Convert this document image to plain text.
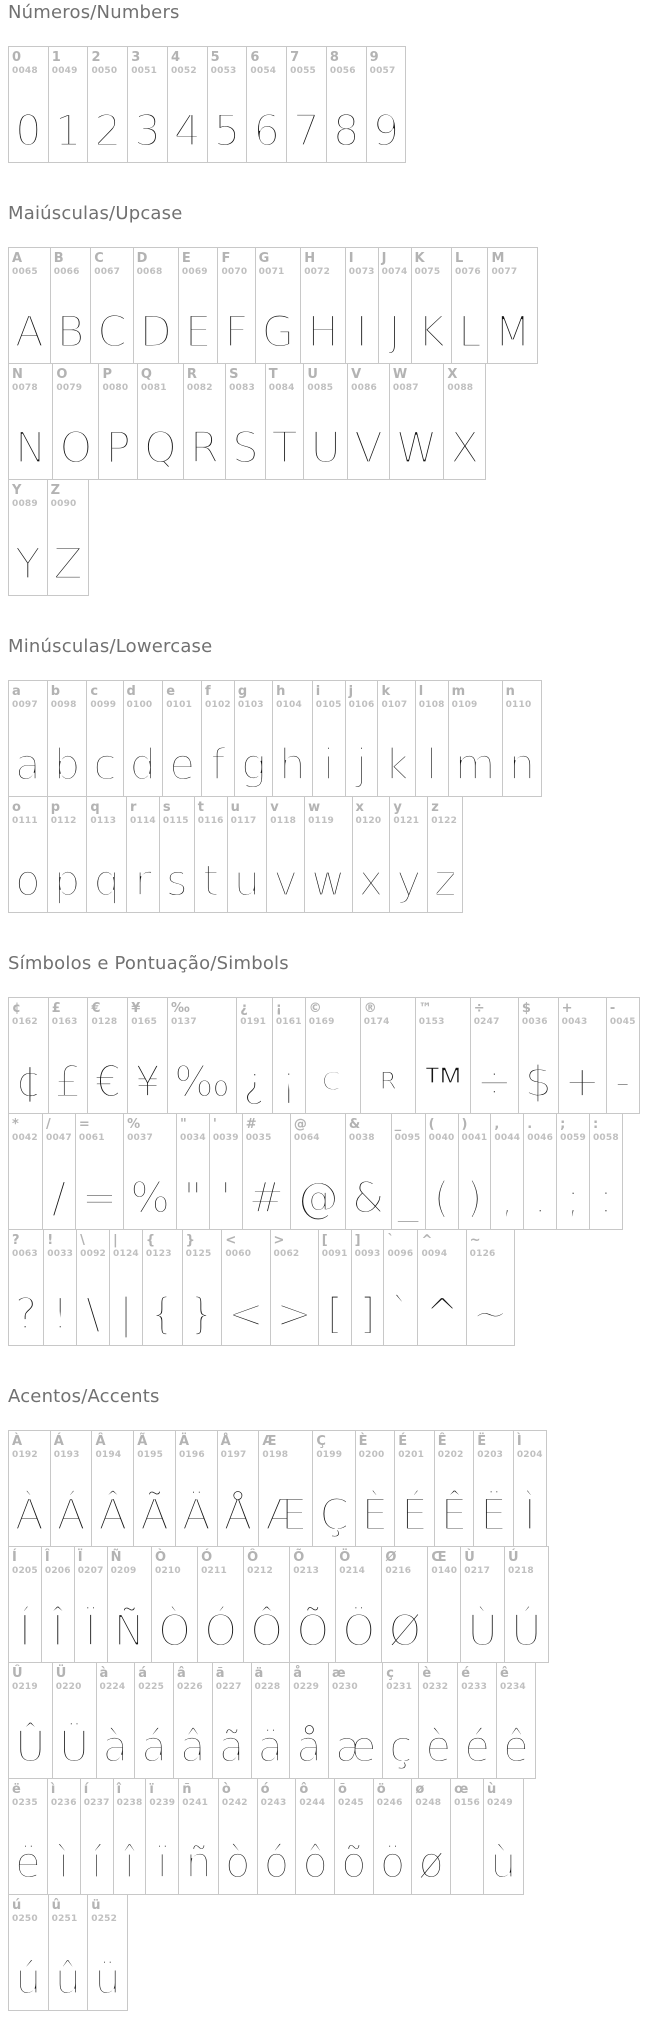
Números/Numbers
0
0048
0
1
0049
1
2
0050
2
3
0051
3
4
0052
4
5
0053
5
6
0054
6
7
0055
7
8
0056
8
9
0057
9
Maiúsculas/Upcase
A
0065
A
B
0066
B
C
0067
C
D
0068
D
E
0069
E
F
0070
F
G
0071
G
H
0072
H
I
0073
I
J
0074
J
K
0075
K
L
0076
L
M
0077
M
N
0078
N
O
0079
O
P
0080
P
Q
0081
Q
R
0082
R
S
0083
S
T
0084
T
U
0085
U
V
0086
V
W
0087
W
X
0088
X
Y
0089
Y
Z
0090
Z
Minúsculas/Lowercase
a
0097
a
b
0098
b
c
0099
c
d
0100
d
e
0101
e
f
0102
f
g
0103
g
h
0104
h
i
0105
i
j
0106
j
k
0107
k
l
0108
l
m
0109
m
n
0110
n
o
0111
o
p
0112
p
q
0113
q
r
0114
r
s
0115
s
t
0116
t
u
0117
u
v
0118
v
w
0119
w
x
0120
x
y
0121
y
z
0122
z
Símbolos e Pontuação/Simbols
¢
0162
¢
£
0163
£
€
0128
€
¥
0165
¥
‰
0137
‰
¿
0191
¿
¡
0161
¡
©
0169
©
®
0174
®
™
0153
™
÷
0247
÷
$
0036
$
+
0043
+
-
0045
-
*
0042
*
/
0047
/
=
0061
=
%
0037
%
"
0034
"
'
0039
'
#
0035
#
@
0064
@
&
0038
&
_
0095
_
(
0040
(
)
0041
)
,
0044
,
.
0046
.
;
0059
;
:
0058
:
?
0063
?
!
0033
!
\
0092
\
|
0124
|
{
0123
{
}
0125
}
<
0060
<
>
0062
>
[
0091
[
]
0093
]
`
0096
`
^
0094
^
~
0126
~
Acentos/Accents
À
0192
À
Á
0193
Á
Â
0194
Â
Ã
0195
Ã
Ä
0196
Ä
Å
0197
Å
Æ
0198
Æ
Ç
0199
Ç
È
0200
È
É
0201
É
Ê
0202
Ê
Ë
0203
Ë
Ì
0204
Ì
Í
0205
Í
Î
0206
Î
Ï
0207
Ï
Ñ
0209
Ñ
Ò
0210
Ò
Ó
0211
Ó
Ô
0212
Ô
Õ
0213
Õ
Ö
0214
Ö
Ø
0216
Ø
Œ
0140
Ù
0217
Ù
Ú
0218
Ú
Û
0219
Û
Ü
0220
Ü
à
0224
à
á
0225
á
â
0226
â
ã
0227
ã
ä
0228
ä
å
0229
å
æ
0230
æ
ç
0231
ç
è
0232
è
é
0233
é
ê
0234
ê
ë
0235
ë
ì
0236
ì
í
0237
í
î
0238
î
ï
0239
ï
ñ
0241
ñ
ò
0242
ò
ó
0243
ó
ô
0244
ô
õ
0245
õ
ö
0246
ö
ø
0248
ø
œ
0156
ù
0249
ù
ú
0250
ú
û
0251
û
ü
0252
ü
